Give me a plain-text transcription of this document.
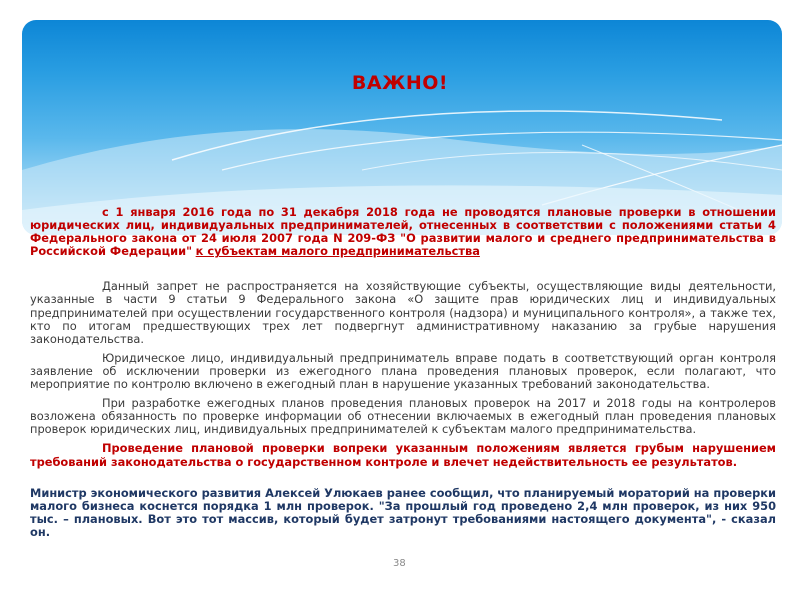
ВАЖНО!

с 1 января 2016 года по 31 декабря 2018 года не проводятся плановые проверки в отношении юридических лиц, индивидуальных предпринимателей, отнесенных в соответствии с положениями статьи 4 Федерального закона от 24 июля 2007 года N 209-ФЗ "О развитии малого и среднего предпринимательства в Российской Федерации" к субъектам малого предпринимательства

Данный запрет не распространяется на хозяйствующие субъекты, осуществляющие виды деятельности, указанные в части 9 статьи 9 Федерального закона «О защите прав юридических лиц и индивидуальных предпринимателей при осуществлении государственного контроля (надзора) и муниципального контроля», а также тех, кто по итогам предшествующих трех лет подвергнут административному наказанию за грубые нарушения законодательства.

Юридическое лицо, индивидуальный предприниматель вправе подать в соответствующий орган контроля заявление об исключении проверки из ежегодного плана проведения плановых проверок, если полагают, что мероприятие по контролю включено в ежегодный план в нарушение указанных требований законодательства.

При разработке ежегодных планов проведения плановых проверок на 2017 и 2018 годы на контролеров возложена обязанность по проверке информации об отнесении включаемых в ежегодный план проведения плановых проверок юридических лиц, индивидуальных предпринимателей к субъектам малого предпринимательства.

Проведение плановой проверки вопреки указанным положениям является грубым нарушением требований законодательства о государственном контроле и влечет недействительность ее результатов.

Министр экономического развития Алексей Улюкаев ранее сообщил, что планируемый мораторий на проверки малого бизнеса коснется порядка 1 млн проверок. "За прошлый год проведено 2,4 млн проверок, из них 950 тыс. – плановых. Вот это тот массив, который будет затронут требованиями настоящего документа", - сказал он.

38
